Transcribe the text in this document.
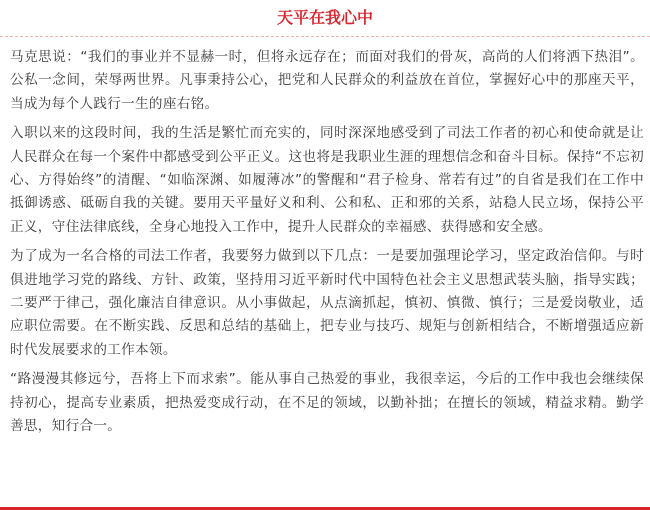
天平在我心中

马克思说：“我们的事业并不显赫一时，但将永远存在；而面对我们的骨灰，高尚的人们将洒下热泪”。公私一念间，荣辱两世界。凡事秉持公心，把党和人民群众的利益放在首位，掌握好心中的那座天平，当成为每个人践行一生的座右铭。

入职以来的这段时间，我的生活是繁忙而充实的，同时深深地感受到了司法工作者的初心和使命就是让人民群众在每一个案件中都感受到公平正义。这也将是我职业生涯的理想信念和奋斗目标。保持“不忘初心、方得始终”的清醒、“如临深渊、如履薄冰”的警醒和“君子检身、常若有过”的自省是我们在工作中抵御诱惑、砥砺自我的关键。要用天平量好义和利、公和私、正和邪的关系，站稳人民立场，保持公平正义，守住法律底线，全身心地投入工作中，提升人民群众的幸福感、获得感和安全感。

为了成为一名合格的司法工作者，我要努力做到以下几点：一是要加强理论学习，坚定政治信仰。与时俱进地学习党的路线、方针、政策，坚持用习近平新时代中国特色社会主义思想武装头脑，指导实践；二要严于律己，强化廉洁自律意识。从小事做起，从点滴抓起，慎初、慎微、慎行；三是爱岗敬业，适应职位需要。在不断实践、反思和总结的基础上，把专业与技巧、规矩与创新相结合，不断增强适应新时代发展要求的工作本领。

“路漫漫其修远兮，吾将上下而求索”。能从事自己热爱的事业，我很幸运，今后的工作中我也会继续保持初心，提高专业素质，把热爱变成行动，在不足的领域，以勤补拙；在擅长的领域，精益求精。勤学善思，知行合一。
